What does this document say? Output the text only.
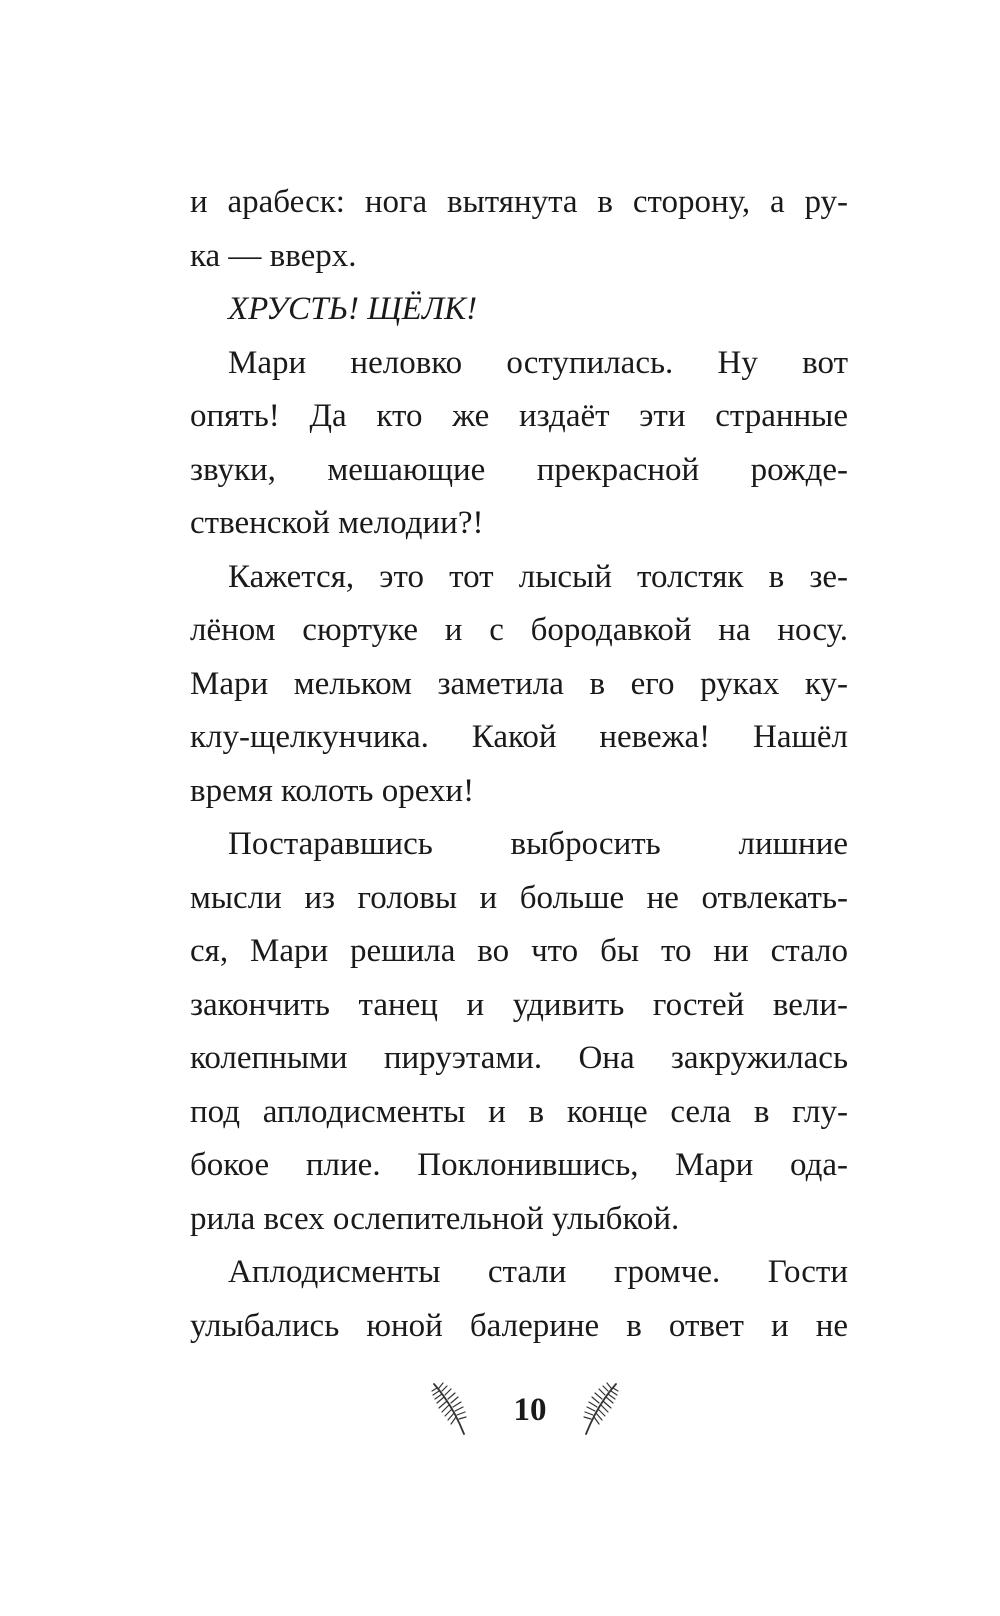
и арабеск: нога вытянута в сторону, а ру-
ка — вверх.
ХРУСТЬ! ЩЁЛК!
Мари неловко оступилась. Ну вот
опять! Да кто же издаёт эти странные
звуки, мешающие прекрасной рожде-
ственской мелодии?!
Кажется, это тот лысый толстяк в зе-
лёном сюртуке и с бородавкой на носу.
Мари мельком заметила в его руках ку-
клу-щелкунчика. Какой невежа! Нашёл
время колоть орехи!
Постаравшись выбросить лишние
мысли из головы и больше не отвлекать-
ся, Мари решила во что бы то ни стало
закончить танец и удивить гостей вели-
колепными пируэтами. Она закружилась
под аплодисменты и в конце села в глу-
бокое плие. Поклонившись, Мари ода-
рила всех ослепительной улыбкой.
Аплодисменты стали громче. Гости
улыбались юной балерине в ответ и не
10
